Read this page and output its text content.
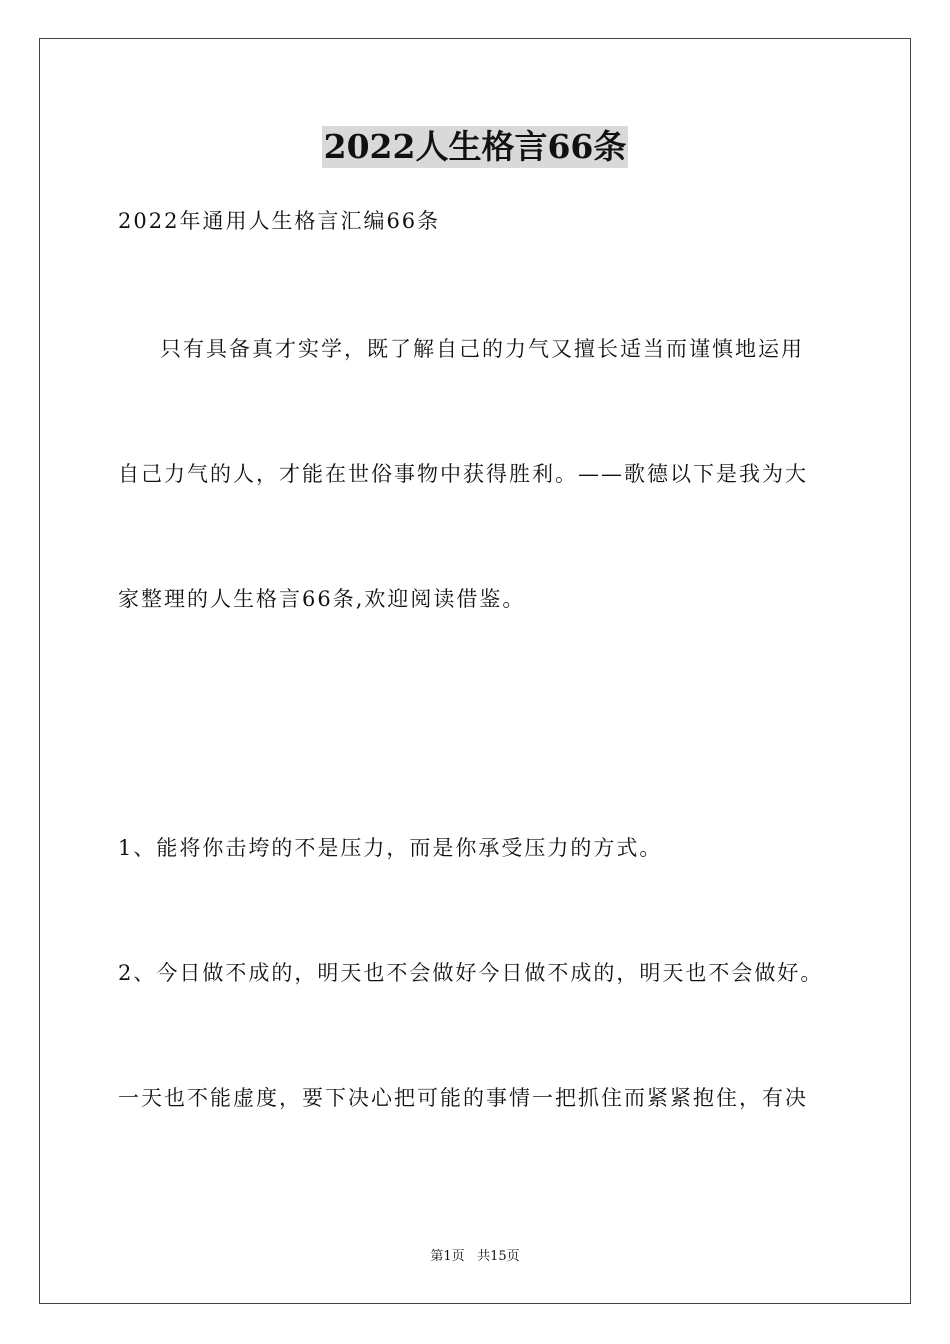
2022人生格言66条
2022年通用人生格言汇编66条
只有具备真才实学，既了解自己的力气又擅长适当而谨慎地运用
自己力气的人，才能在世俗事物中获得胜利。——歌德以下是我为大
家整理的人生格言66条,欢迎阅读借鉴。
1、能将你击垮的不是压力，而是你承受压力的方式。
2、今日做不成的，明天也不会做好今日做不成的，明天也不会做好。
一天也不能虚度，要下决心把可能的事情一把抓住而紧紧抱住，有决
第1页 共15页
